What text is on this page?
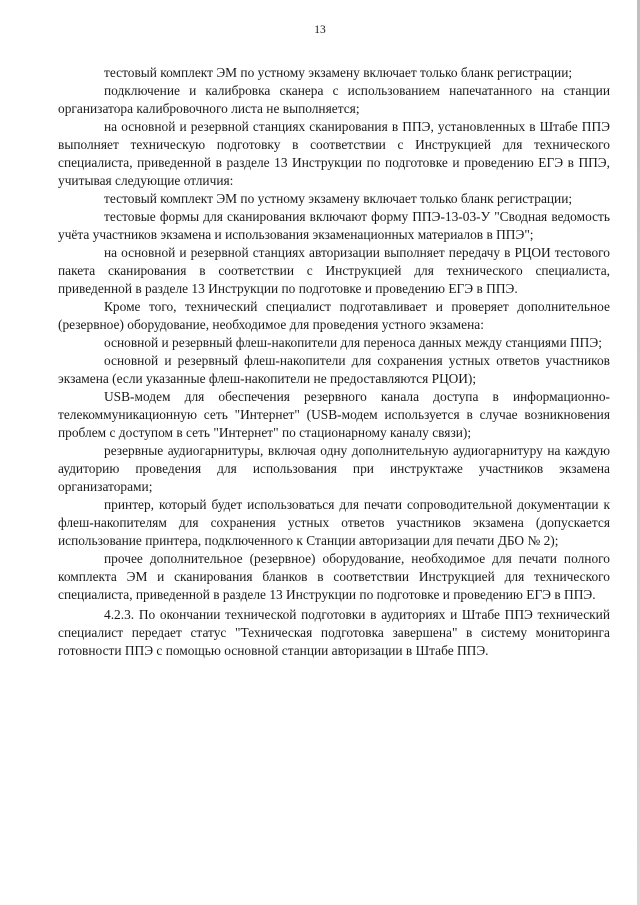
13

тестовый комплект ЭМ по устному экзамену включает только бланк регистрации;

подключение и калибровка сканера с использованием напечатанного на станции организатора калибровочного листа не выполняется;

на основной и резервной станциях сканирования в ППЭ, установленных в Штабе ППЭ выполняет техническую подготовку в соответствии с Инструкцией для технического специалиста, приведенной в разделе 13 Инструкции по подготовке и проведению ЕГЭ в ППЭ, учитывая следующие отличия:

тестовый комплект ЭМ по устному экзамену включает только бланк регистрации;

тестовые формы для сканирования включают форму ППЭ-13-03-У "Сводная ведомость учёта участников экзамена и использования экзаменационных материалов в ППЭ";

на основной и резервной станциях авторизации выполняет передачу в РЦОИ тестового пакета сканирования в соответствии с Инструкцией для технического специалиста, приведенной в разделе 13 Инструкции по подготовке и проведению ЕГЭ в ППЭ.

Кроме того, технический специалист подготавливает и проверяет дополнительное (резервное) оборудование, необходимое для проведения устного экзамена:

основной и резервный флеш-накопители для переноса данных между станциями ППЭ;

основной и резервный флеш-накопители для сохранения устных ответов участников экзамена (если указанные флеш-накопители не предоставляются РЦОИ);

USB-модем для обеспечения резервного канала доступа в информационно-телекоммуникационную сеть "Интернет" (USB-модем используется в случае возникновения проблем с доступом в сеть "Интернет" по стационарному каналу связи);

резервные аудиогарнитуры, включая одну дополнительную аудиогарнитуру на каждую аудиторию проведения для использования при инструктаже участников экзамена организаторами;

принтер, который будет использоваться для печати сопроводительной документации к флеш-накопителям для сохранения устных ответов участников экзамена (допускается использование принтера, подключенного к Станции авторизации для печати ДБО № 2);

прочее дополнительное (резервное) оборудование, необходимое для печати полного комплекта ЭМ и сканирования бланков в соответствии Инструкцией для технического специалиста, приведенной в разделе 13 Инструкции по подготовке и проведению ЕГЭ в ППЭ.

4.2.3. По окончании технической подготовки в аудиториях и Штабе ППЭ технический специалист передает статус "Техническая подготовка завершена" в систему мониторинга готовности ППЭ с помощью основной станции авторизации в Штабе ППЭ.
